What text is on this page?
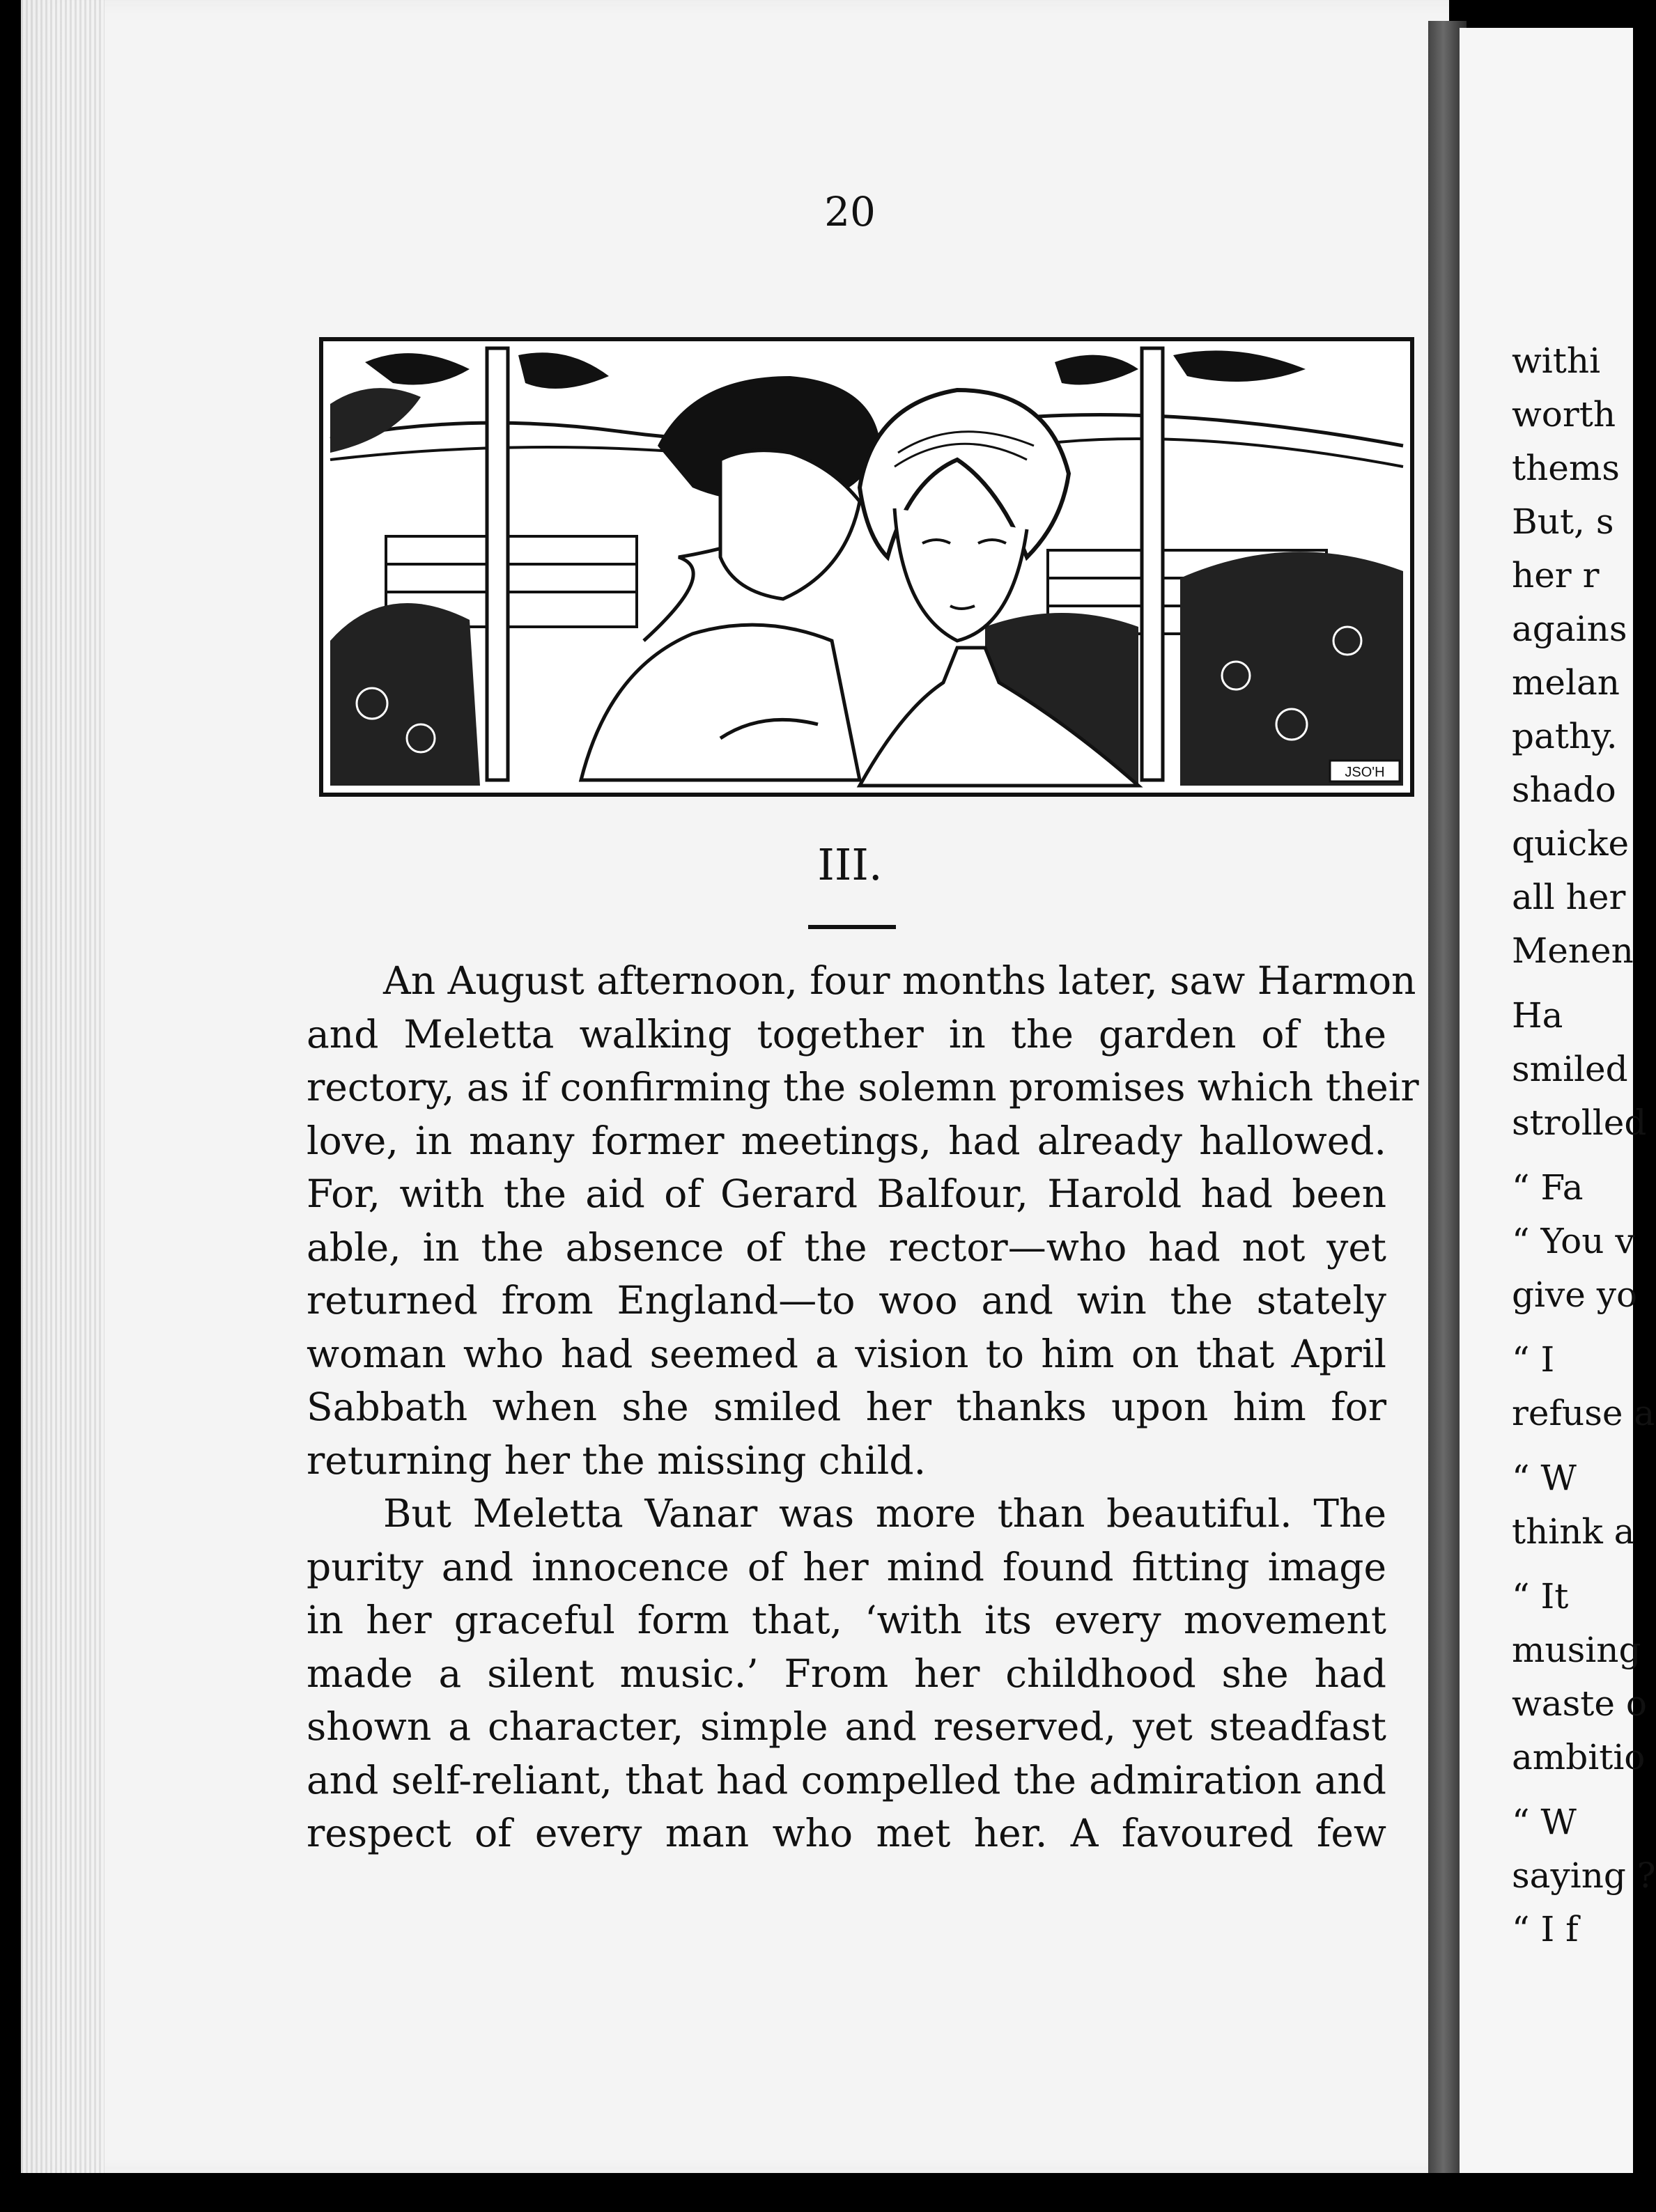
20
JSO'H
III.
An August afternoon, four months later, saw Harmon
and Meletta walking together in the garden of the
rectory, as if confirming the solemn promises which their
love, in many former meetings, had already hallowed.
For, with the aid of Gerard Balfour, Harold had been
able, in the absence of the rector—who had not yet
returned from England—to woo and win the stately
woman who had seemed a vision to him on that April
Sabbath when she smiled her thanks upon him for
returning her the missing child.
But Meletta Vanar was more than beautiful. The
purity and innocence of her mind found fitting image
in her graceful form that, ‘with its every movement
made a silent music.’ From her childhood she had
shown a character, simple and reserved, yet steadfast
and self-reliant, that had compelled the admiration and
respect of every man who met her. A favoured few
withi
worth
thems
But, s
her r
agains
melan
pathy.
shado
quicke
all her
Menen
Ha
smiled
strolled
“ Fa
“ You v
give yo
“ I
refuse a
“ W
think a
“ It
musing
waste o
ambitio
“ W
saying ?
“ I f
